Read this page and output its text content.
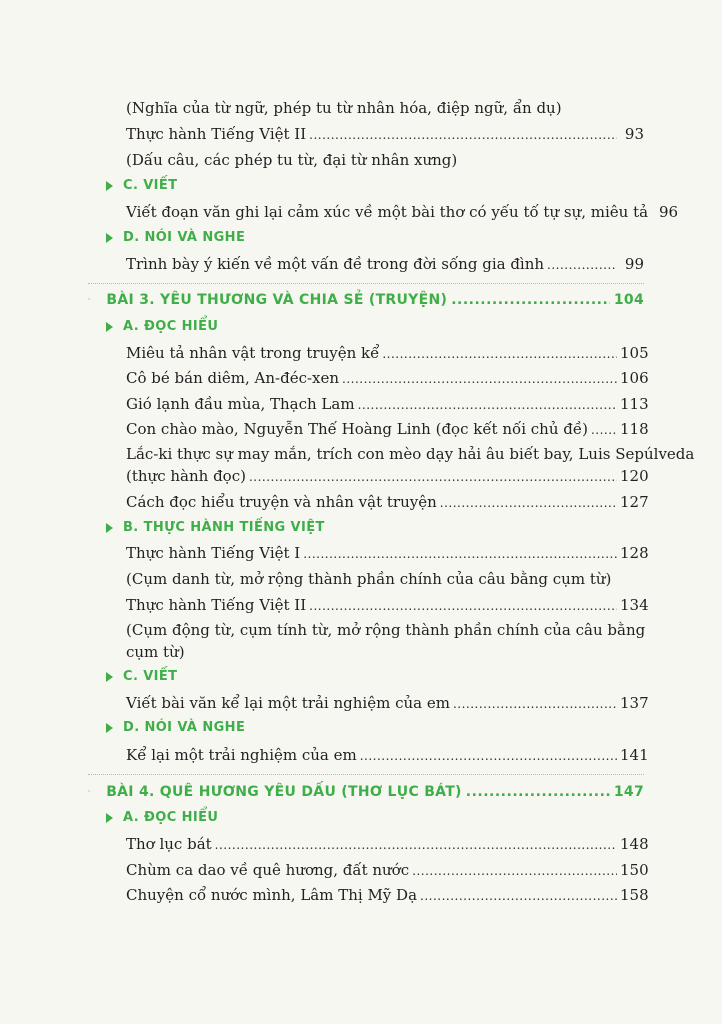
(Nghĩa của từ ngữ, phép tu từ nhân hóa, điệp ngữ, ẩn dụ)
Thực hành Tiếng Việt II .....	93
(Dấu câu, các phép tu từ, đại từ nhân xưng)
C. VIẾT
Viết đoạn văn ghi lại cảm xúc về một bài thơ có yếu tố tự sự, miêu tả 96
D. NÓI VÀ NGHE
Trình bày ý kiến về một vấn đề trong đời sống gia đình .....	99
BÀI 3. YÊU THƯƠNG VÀ CHIA SẺ (TRUYỆN) .....	104
A. ĐỌC HIỂU
Miêu tả nhân vật trong truyện kể .....	105
Cô bé bán diêm, An-đéc-xen .....	106
Gió lạnh đầu mùa, Thạch Lam .....	113
Con chào mào, Nguyễn Thế Hoàng Linh (đọc kết nối chủ đề) ..... 118
Lắc-ki thực sự may mắn, trích con mèo dạy hải âu biết bay, Luis Sepúlveda
(thực hành đọc) .....	120
Cách đọc hiểu truyện và nhân vật truyện .....	127
B. THỰC HÀNH TIẾNG VIỆT
Thực hành Tiếng Việt I .....	128
(Cụm danh từ, mở rộng thành phần chính của câu bằng cụm từ)
Thực hành Tiếng Việt II .....	134
(Cụm động từ, cụm tính từ, mở rộng thành phần chính của câu bằng
cụm từ)
C. VIẾT
Viết bài văn kể lại một trải nghiệm của em .....	137
D. NÓI VÀ NGHE
Kể lại một trải nghiệm của em .....	141
BÀI 4. QUÊ HƯƠNG YÊU DẤU (THƠ LỤC BÁT) .....	147
A. ĐỌC HIỂU
Thơ lục bát .....	148
Chùm ca dao về quê hương, đất nước .....	150
Chuyện cổ nước mình, Lâm Thị Mỹ Dạ .....	158
